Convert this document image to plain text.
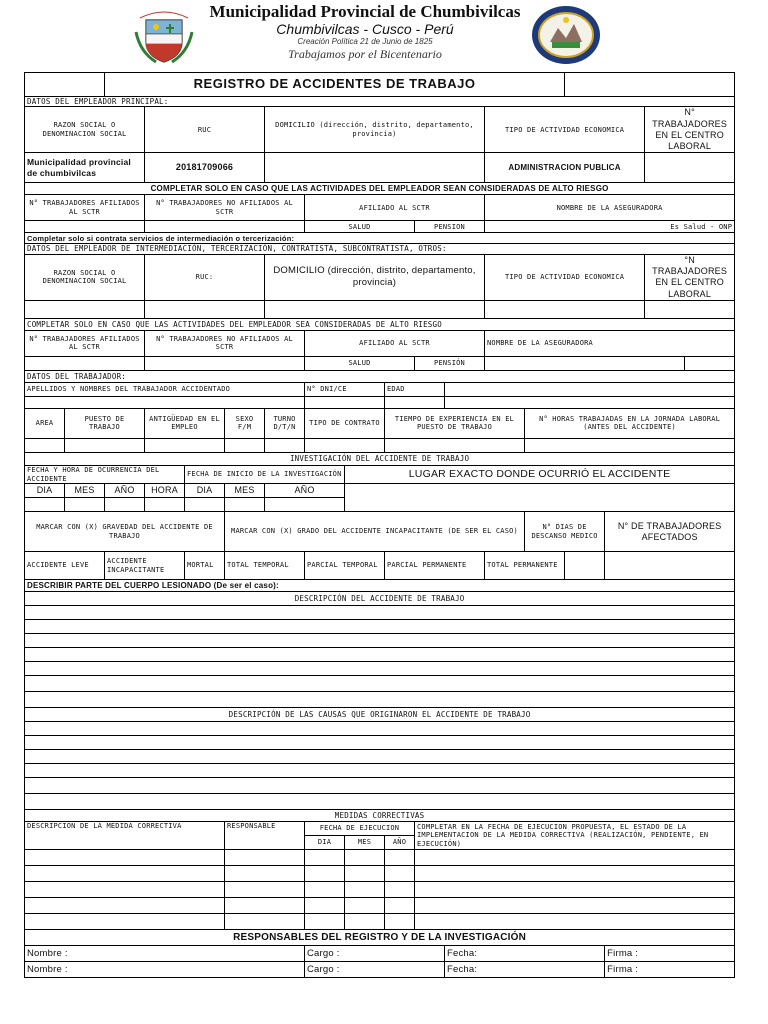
Municipalidad Provincial de Chumbivilcas
Chumbivilcas - Cusco - Perú
Creación Política 21 de Junio de 1825
Trabajamos por el Bicentenario
		REGISTRO DE ACCIDENTES DE TRABAJO															
DATOS DEL EMPLEADOR PRINCIPAL:																	
RAZON SOCIAL O DENOMINACION SOCIAL			RUC			DOMICILIO (dirección, distrito, departamento, provincia)						TIPO DE ACTIVIDAD ECONOMICA				N° TRABAJADORES EN EL CENTRO LABORAL	
Municipalidad provincial de chumbivilcas			20181709066									ADMINISTRACION PUBLICA					
COMPLETAR SOLO EN CASO QUE LAS ACTIVIDADES DEL EMPLEADOR SEAN CONSIDERADAS DE ALTO RIESGO																	
N° TRABAJADORES AFILIADOS AL SCTR			N° TRABAJADORES NO AFILIADOS AL SCTR				AFILIADO AL SCTR					NOMBRE DE LA ASEGURADORA					
							SALUD			PENSION		Es Salud - ONP					
Completar solo si contrata servicios de intermediación o tercerización:																	
DATOS DEL EMPLEADOR DE INTERMEDIACIÓN, TERCERIZACIÓN, CONTRATISTA, SUBCONTRATISTA, OTROS:																	
RAZON SOCIAL O DENOMINACION SOCIAL			RUC:			DOMICILIO (dirección, distrito, departamento, provincia)						TIPO DE ACTIVIDAD ECONOMICA				°N TRABAJADORES EN EL CENTRO LABORAL	

COMPLETAR SOLO EN CASO QUE LAS ACTIVIDADES DEL EMPLEADOR SEA CONSIDERADAS DE ALTO RIESGO																	
N° TRABAJADORES AFILIADOS AL SCTR			N° TRABAJADORES NO AFILIADOS AL SCTR				AFILIADO AL SCTR					NOMBRE DE LA ASEGURADORA					
							SALUD			PENSIÓN							
DATOS DEL TRABAJADOR:																	
APELLIDOS Y NOMBRES DEL TRABAJADOR ACCIDENTADO							N° DNI/CE		EDAD								

AREA	PUESTO DE TRABAJO		ANTIGÜEDAD EN EL EMPLEO		SEXO F/M	TURNO D/T/N	TIPO DE CONTRATO		TIEMPO DE EXPERIENCIA EN EL PUESTO DE TRABAJO				N° HORAS TRABAJADAS EN LA JORNADA LABORAL (ANTES DEL ACCIDENTE)				

INVESTIGACIÓN DEL ACCIDENTE DE TRABAJO																	
FECHA Y HORA DE OCURRENCIA DEL ACCIDENTE				FECHA DE INICIO DE LA INVESTIGACIÓN				LUGAR EXACTO DONDE OCURRIÓ EL ACCIDENTE									
DIA	MES	AÑO	HORA	DIA	MES	AÑO											

MARCAR CON (X) GRAVEDAD DEL ACCIDENTE DE TRABAJO					MARCAR CON (X) GRADO DEL ACCIDENTE INCAPACITANTE (DE SER EL CASO)								N° DIAS DE DESCANSO MEDICO		N° DE TRABAJADORES AFECTADOS		
ACCIDENTE LEVE		ACCIDENTE INCAPACITANTE		MORTAL	TOTAL TEMPORAL		PARCIAL TEMPORAL		PARCIAL PERMANENTE			TOTAL PERMANENTE					
DESCRIBIR PARTE DEL CUERPO LESIONADO (De ser el caso):																	
DESCRIPCIÓN DEL ACCIDENTE DE TRABAJO																	

DESCRIPCIÓN DE LAS CAUSAS QUE ORIGINARON EL ACCIDENTE DE TRABAJO																	

MEDIDAS CORRECTIVAS																	
DESCRIPCION DE LA MEDIDA CORRECTIVA					RESPONSABLE		FECHA DE EJECUCION			COMPLETAR EN LA FECHA DE EJECUCION PROPUESTA, EL ESTADO DE LA IMPLEMENTACION DE LA MEDIDA CORRECTIVA (REALIZACIÓN, PENDIENTE, EN EJECUCIÓN)							
							DIA	MES	AÑO								

RESPONSABLES DEL REGISTRO Y DE LA INVESTIGACIÓN																	
Nombre :							Cargo :				Fecha:				Firma :		
Nombre :							Cargo :				Fecha:				Firma :		
